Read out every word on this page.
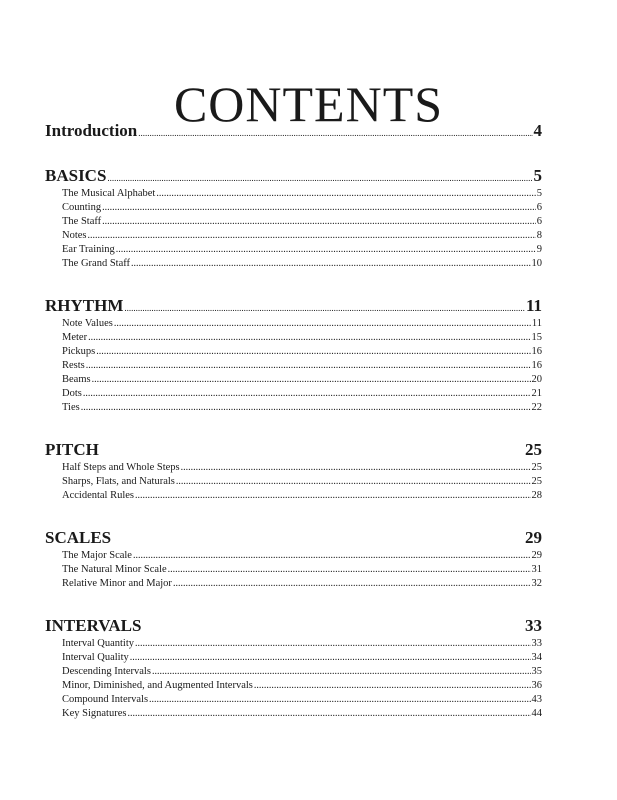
CONTENTS
Introduction .....	4
BASICS .....	5
The Musical Alphabet .....	5
Counting .....	6
The Staff .....	6
Notes .....	8
Ear Training .....	9
The Grand Staff .....	10
RHYTHM .....	11
Note Values .....	11
Meter .....	15
Pickups .....	16
Rests .....	16
Beams .....	20
Dots .....	21
Ties .....	22
PITCH	25
Half Steps and Whole Steps .....	25
Sharps, Flats, and Naturals .....	25
Accidental Rules .....	28
SCALES	29
The Major Scale .....	29
The Natural Minor Scale .....	31
Relative Minor and Major .....	32
INTERVALS	33
Interval Quantity .....	33
Interval Quality .....	34
Descending Intervals .....	35
Minor, Diminished, and Augmented Intervals .....	36
Compound Intervals .....	43
Key Signatures .....	44
